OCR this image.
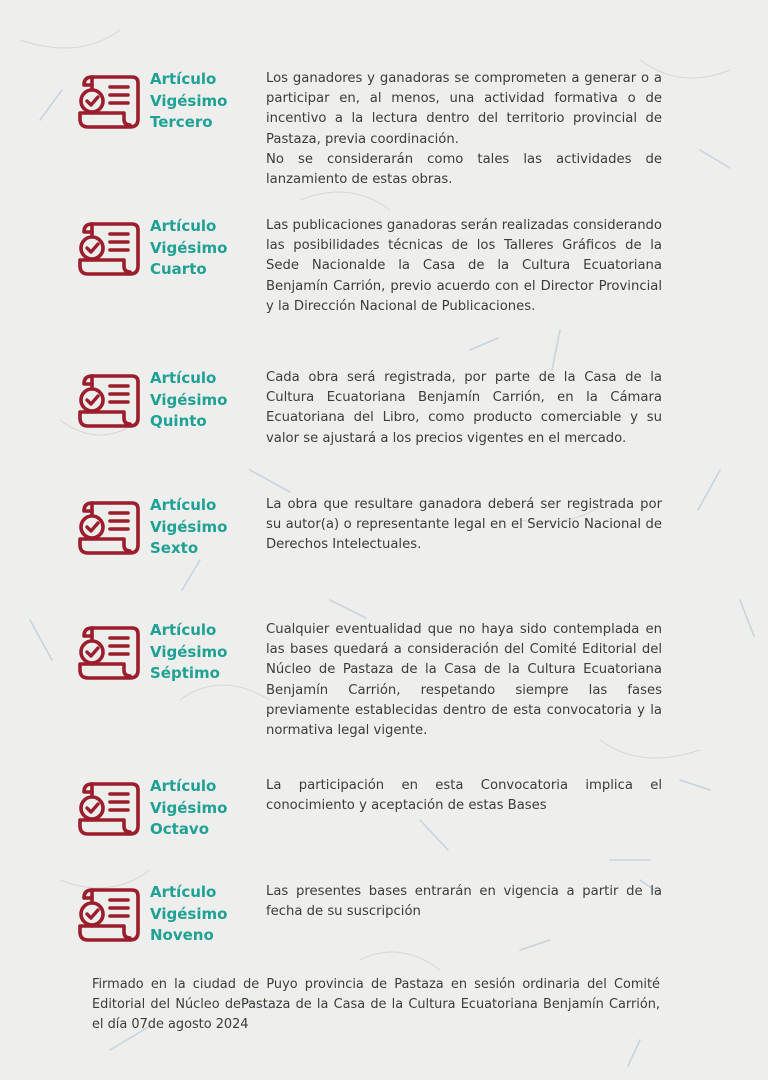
Artículo
Vigésimo
Tercero
Los ganadores y ganadoras se comprometen a generar o a participar en, al menos, una actividad formativa o de incentivo a la lectura dentro del territorio provincial de Pastaza, previa coordinación.
No se considerarán como tales las actividades de lanzamiento de estas obras.
Artículo
Vigésimo
Cuarto
Las publicaciones ganadoras serán realizadas considerando las posibilidades técnicas de los Talleres Gráficos de la Sede Nacionalde la Casa de la Cultura Ecuatoriana Benjamín Carrión, previo acuerdo con el Director Provincial y la Dirección Nacional de Publicaciones.
Artículo
Vigésimo
Quinto
Cada obra será registrada, por parte de la Casa de la Cultura Ecuatoriana Benjamín Carrión, en la Cámara Ecuatoriana del Libro, como producto comerciable y su valor se ajustará a los precios vigentes en el mercado.
Artículo
Vigésimo
Sexto
La obra que resultare ganadora deberá ser registrada por su autor(a) o representante legal en el Servicio Nacional de Derechos Intelectuales.
Artículo
Vigésimo
Séptimo
Cualquier eventualidad que no haya sido contemplada en las bases quedará a consideración del Comité Editorial del Núcleo de Pastaza de la Casa de la Cultura Ecuatoriana Benjamín Carrión, respetando siempre las fases previamente establecidas dentro de esta convocatoria y la normativa legal vigente.
Artículo
Vigésimo
Octavo
La participación en esta Convocatoria implica el conocimiento y aceptación de estas Bases
Artículo
Vigésimo
Noveno
Las presentes bases entrarán en vigencia a partir de la fecha de su suscripción
Firmado en la ciudad de Puyo provincia de Pastaza en sesión ordinaria del Comité Editorial del Núcleo dePastaza de la Casa de la Cultura Ecuatoriana Benjamín Carrión, el día 07de agosto 2024
